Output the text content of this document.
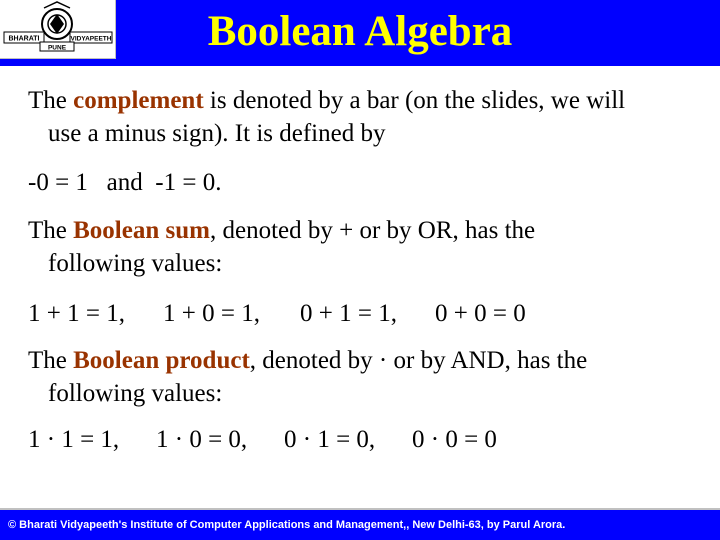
BHARATI	VIDYAPEETH
PUNE	Boolean Algebra

The complement is denoted by a bar (on the slides, we will
use a minus sign). It is defined by

-0 = 1   and  -1 = 0.

The Boolean sum, denoted by + or by OR, has the
following values:

1 + 1 = 1, 1 + 0 = 1, 0 + 1 = 1, 0 + 0 = 0

The Boolean product, denoted by · or by AND, has the
following values:

1 · 1 = 1, 1 · 0 = 0, 0 · 1 = 0, 0 · 0 = 0

© Bharati Vidyapeeth's Institute of Computer Applications and Management,, New Delhi-63, by Parul Arora.
